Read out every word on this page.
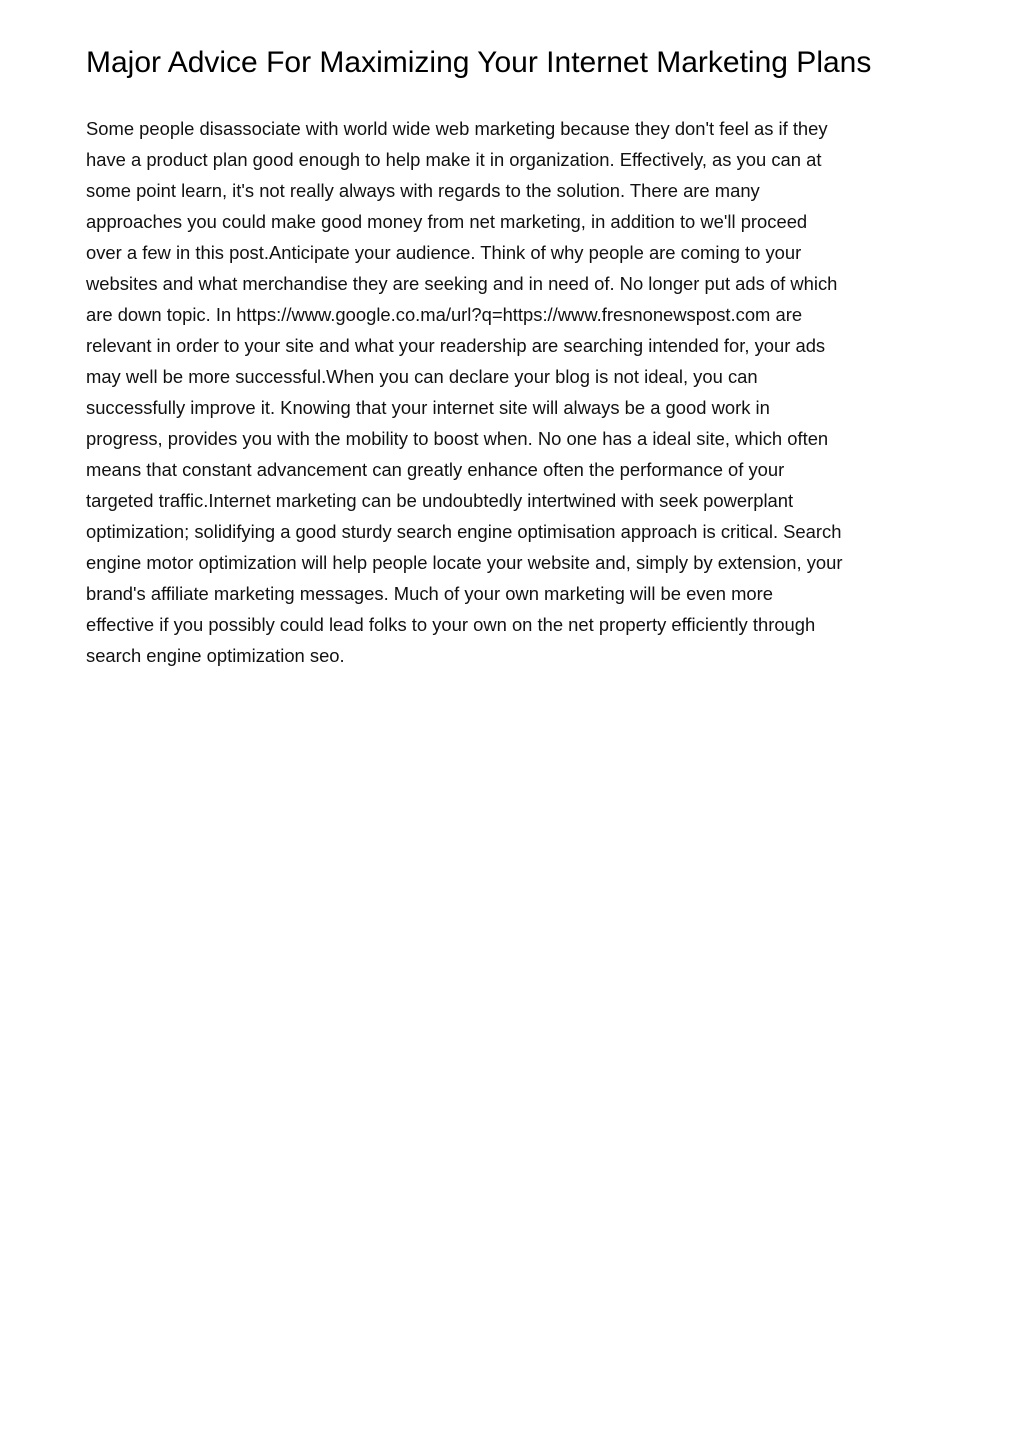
Major Advice For Maximizing Your Internet Marketing Plans
Some people disassociate with world wide web marketing because they don't feel as if they
have a product plan good enough to help make it in organization. Effectively, as you can at
some point learn, it's not really always with regards to the solution. There are many
approaches you could make good money from net marketing, in addition to we'll proceed
over a few in this post.Anticipate your audience. Think of why people are coming to your
websites and what merchandise they are seeking and in need of. No longer put ads of which
are down topic. In https://www.google.co.ma/url?q=https://www.fresnonewspost.com are
relevant in order to your site and what your readership are searching intended for, your ads
may well be more successful.When you can declare your blog is not ideal, you can
successfully improve it. Knowing that your internet site will always be a good work in
progress, provides you with the mobility to boost when. No one has a ideal site, which often
means that constant advancement can greatly enhance often the performance of your
targeted traffic.Internet marketing can be undoubtedly intertwined with seek powerplant
optimization; solidifying a good sturdy search engine optimisation approach is critical. Search
engine motor optimization will help people locate your website and, simply by extension, your
brand's affiliate marketing messages. Much of your own marketing will be even more
effective if you possibly could lead folks to your own on the net property efficiently through
search engine optimization seo.
